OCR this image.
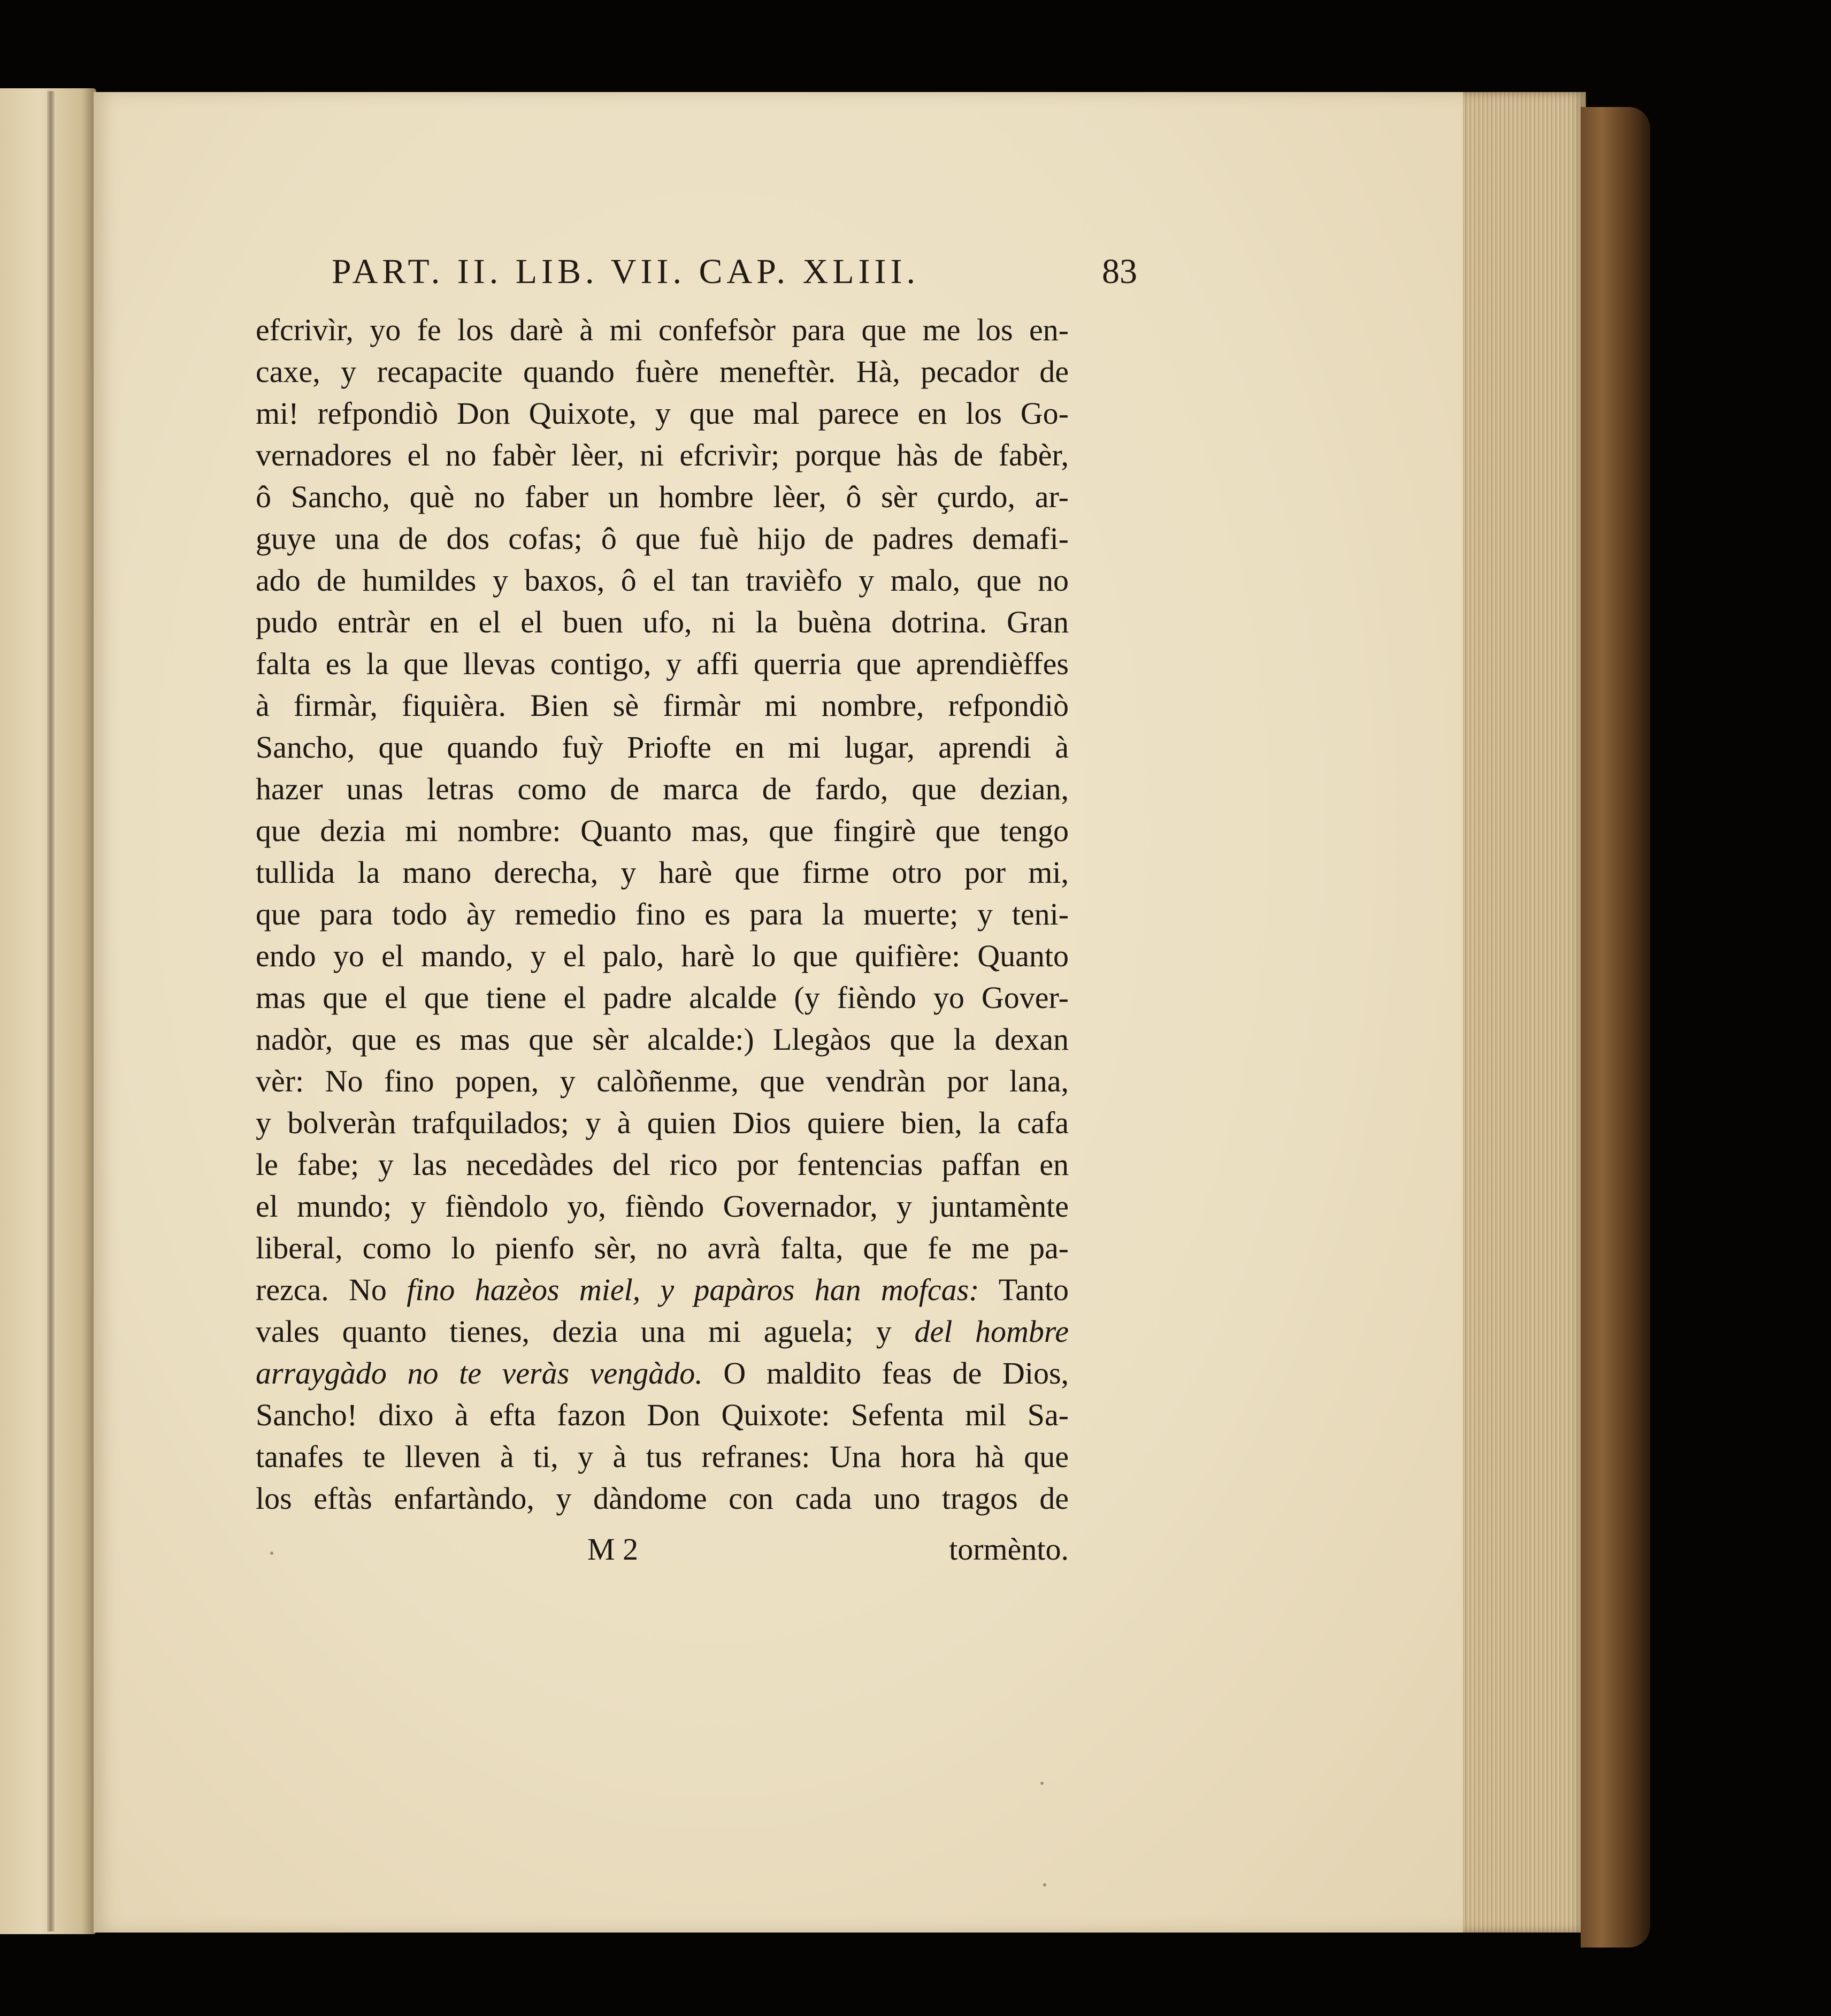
PART. II. LIB. VII. CAP. XLIII.	83
efcrivìr, yo fe los darè à mi confefsòr para que me los en-
caxe, y recapacite quando fuère meneftèr. Hà, pecador de
mi! refpondiò Don Quixote, y que mal parece en los Go-
vernadores el no fabèr lèer, ni efcrivìr; porque hàs de fabèr,
ô Sancho, què no faber un hombre lèer, ô sèr çurdo, ar-
guye una de dos cofas; ô que fuè hijo de padres demafi-
ado de humildes y baxos, ô el tan travièfo y malo, que no
pudo entràr en el el buen ufo, ni la buèna dotrina. Gran
falta es la que llevas contigo, y affi querria que aprendièffes
à firmàr, fiquièra. Bien sè firmàr mi nombre, refpondiò
Sancho, que quando fuỳ Priofte en mi lugar, aprendi à
hazer unas letras como de marca de fardo, que dezian,
que dezia mi nombre: Quanto mas, que fingirè que tengo
tullida la mano derecha, y harè que firme otro por mi,
que para todo ày remedio fino es para la muerte; y teni-
endo yo el mando, y el palo, harè lo que quifière: Quanto
mas que el que tiene el padre alcalde (y fièndo yo Gover-
nadòr, que es mas que sèr alcalde:) Llegàos que la dexan
vèr: No fino popen, y calòñenme, que vendràn por lana,
y bolveràn trafquilados; y à quien Dios quiere bien, la cafa
le fabe; y las necedàdes del rico por fentencias paffan en
el mundo; y fièndolo yo, fièndo Governador, y juntamènte
liberal, como lo pienfo sèr, no avrà falta, que fe me pa-
rezca. No fino hazèos miel, y papàros han mofcas: Tanto
vales quanto tienes, dezia una mi aguela; y del hombre
arraygàdo no te veràs vengàdo. O maldito feas de Dios,
Sancho! dixo à efta fazon Don Quixote: Sefenta mil Sa-
tanafes te lleven à ti, y à tus refranes: Una hora hà que
los eftàs enfartàndo, y dàndome con cada uno tragos de
M 2	tormènto.
